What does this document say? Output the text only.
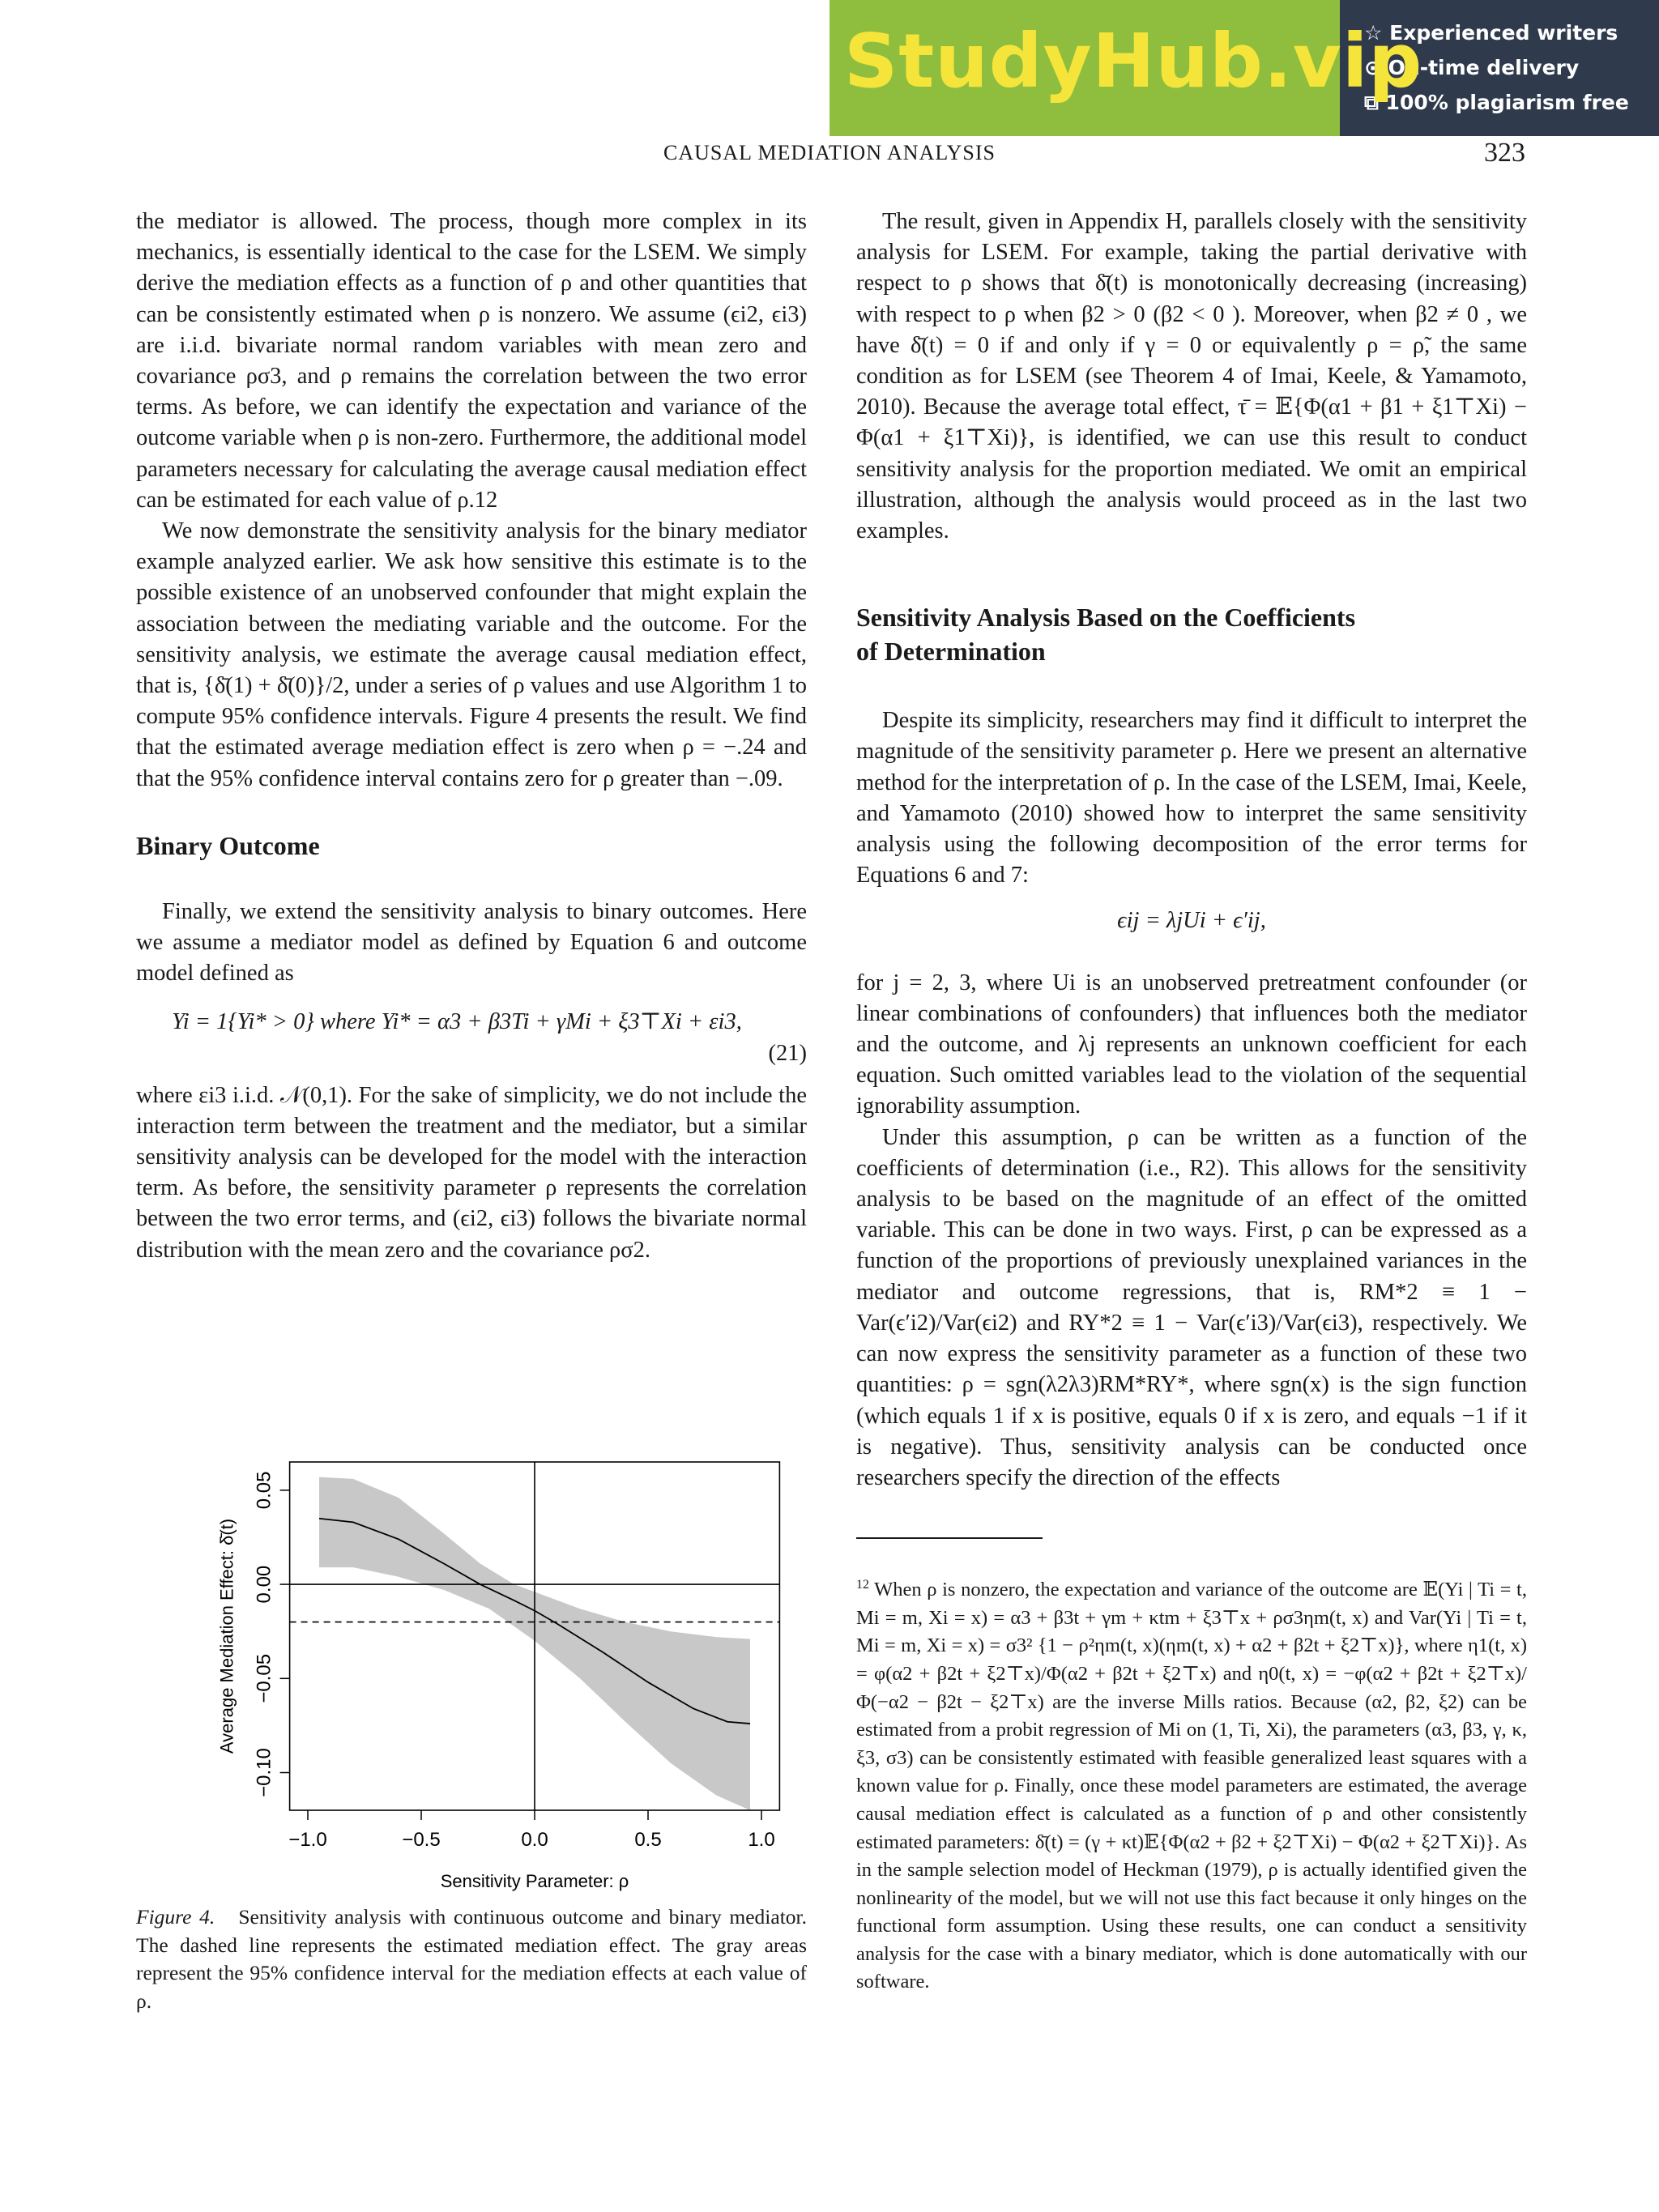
StudyHub.vip
☆ Experienced writers
⊙ On-time delivery
⧉ 100% plagiarism free
CAUSAL MEDIATION ANALYSIS	323

the mediator is allowed. The process, though more complex in its mechanics, is essentially identical to the case for the LSEM. We simply derive the mediation effects as a function of ρ and other quantities that can be consistently estimated when ρ is nonzero. We assume (ϵi2, ϵi3) are i.i.d. bivariate normal random variables with mean zero and covariance ρσ3, and ρ remains the correlation between the two error terms. As before, we can identify the expectation and variance of the outcome variable when ρ is non-zero. Furthermore, the additional model parameters necessary for calculating the average causal mediation effect can be estimated for each value of ρ.12

We now demonstrate the sensitivity analysis for the binary mediator example analyzed earlier. We ask how sensitive this estimate is to the possible existence of an unobserved confounder that might explain the association between the mediating variable and the outcome. For the sensitivity analysis, we estimate the average causal mediation effect, that is, {δ̄(1) + δ̄(0)}/2, under a series of ρ values and use Algorithm 1 to compute 95% confidence intervals. Figure 4 presents the result. We find that the estimated average mediation effect is zero when ρ = −.24 and that the 95% confidence interval contains zero for ρ greater than −.09.

Binary Outcome

Finally, we extend the sensitivity analysis to binary outcomes. Here we assume a mediator model as defined by Equation 6 and outcome model defined as

Yi = 1{Yi* > 0} where Yi* = α3 + β3Ti + γMi + ξ3⊤Xi + εi3,
(21)

where εi3 i.i.d. 𝒩(0,1). For the sake of simplicity, we do not include the interaction term between the treatment and the mediator, but a similar sensitivity analysis can be developed for the model with the interaction term. As before, the sensitivity parameter ρ represents the correlation between the two error terms, and (ϵi2, ϵi3) follows the bivariate normal distribution with the mean zero and the covariance ρσ2.

−1.0	−0.5	0.0	0.5	1.0
−0.10
−0.05
0.00
0.05
Sensitivity Parameter: ρ
Average Mediation Effect: δ̄(t)
Figure 4. Sensitivity analysis with continuous outcome and binary mediator. The dashed line represents the estimated mediation effect. The gray areas represent the 95% confidence interval for the mediation effects at each value of ρ.

The result, given in Appendix H, parallels closely with the sensitivity analysis for LSEM. For example, taking the partial derivative with respect to ρ shows that δ̄(t) is monotonically decreasing (increasing) with respect to ρ when β2 > 0 (β2 < 0 ). Moreover, when β2 ≠ 0 , we have δ̄(t) = 0 if and only if γ = 0 or equivalently ρ = ρ̃, the same condition as for LSEM (see Theorem 4 of Imai, Keele, & Yamamoto, 2010). Because the average total effect, τ̄ = 𝔼{Φ(α1 + β1 + ξ1⊤Xi) − Φ(α1 + ξ1⊤Xi)}, is identified, we can use this result to conduct sensitivity analysis for the proportion mediated. We omit an empirical illustration, although the analysis would proceed as in the last two examples.

Sensitivity Analysis Based on the Coefficients
of Determination

Despite its simplicity, researchers may find it difficult to interpret the magnitude of the sensitivity parameter ρ. Here we present an alternative method for the interpretation of ρ. In the case of the LSEM, Imai, Keele, and Yamamoto (2010) showed how to interpret the same sensitivity analysis using the following decomposition of the error terms for Equations 6 and 7:

ϵij = λjUi + ϵ′ij,

for j = 2, 3, where Ui is an unobserved pretreatment confounder (or linear combinations of confounders) that influences both the mediator and the outcome, and λj represents an unknown coefficient for each equation. Such omitted variables lead to the violation of the sequential ignorability assumption.

Under this assumption, ρ can be written as a function of the coefficients of determination (i.e., R2). This allows for the sensitivity analysis to be based on the magnitude of an effect of the omitted variable. This can be done in two ways. First, ρ can be expressed as a function of the proportions of previously unexplained variances in the mediator and outcome regressions, that is, RM*2 ≡ 1 − Var(ϵ′i2)/Var(ϵi2) and RY*2 ≡ 1 − Var(ϵ′i3)/Var(ϵi3), respectively. We can now express the sensitivity parameter as a function of these two quantities: ρ = sgn(λ2λ3)RM*RY*, where sgn(x) is the sign function (which equals 1 if x is positive, equals 0 if x is zero, and equals −1 if it is negative). Thus, sensitivity analysis can be conducted once researchers specify the direction of the effects

$^{12}$ When ρ is nonzero, the expectation and variance of the outcome are 𝔼(Yi | Ti = t, Mi = m, Xi = x) = α3 + β3t + γm + κtm + ξ3⊤x + ρσ3ηm(t, x) and Var(Yi | Ti = t, Mi = m, Xi = x) = σ3² {1 − ρ²ηm(t, x)(ηm(t, x) + α2 + β2t + ξ2⊤x)}, where η1(t, x) = φ(α2 + β2t + ξ2⊤x)/Φ(α2 + β2t + ξ2⊤x) and η0(t, x) = −φ(α2 + β2t + ξ2⊤x)/Φ(−α2 − β2t − ξ2⊤x) are the inverse Mills ratios. Because (α2, β2, ξ2) can be estimated from a probit regression of Mi on (1, Ti, Xi), the parameters (α3, β3, γ, κ, ξ3, σ3) can be consistently estimated with feasible generalized least squares with a known value for ρ. Finally, once these model parameters are estimated, the average causal mediation effect is calculated as a function of ρ and other consistently estimated parameters: δ̄(t) = (γ + κt)𝔼{Φ(α2 + β2 + ξ2⊤Xi) − Φ(α2 + ξ2⊤Xi)}. As in the sample selection model of Heckman (1979), ρ is actually identified given the nonlinearity of the model, but we will not use this fact because it only hinges on the functional form assumption. Using these results, one can conduct a sensitivity analysis for the case with a binary mediator, which is done automatically with our software.
